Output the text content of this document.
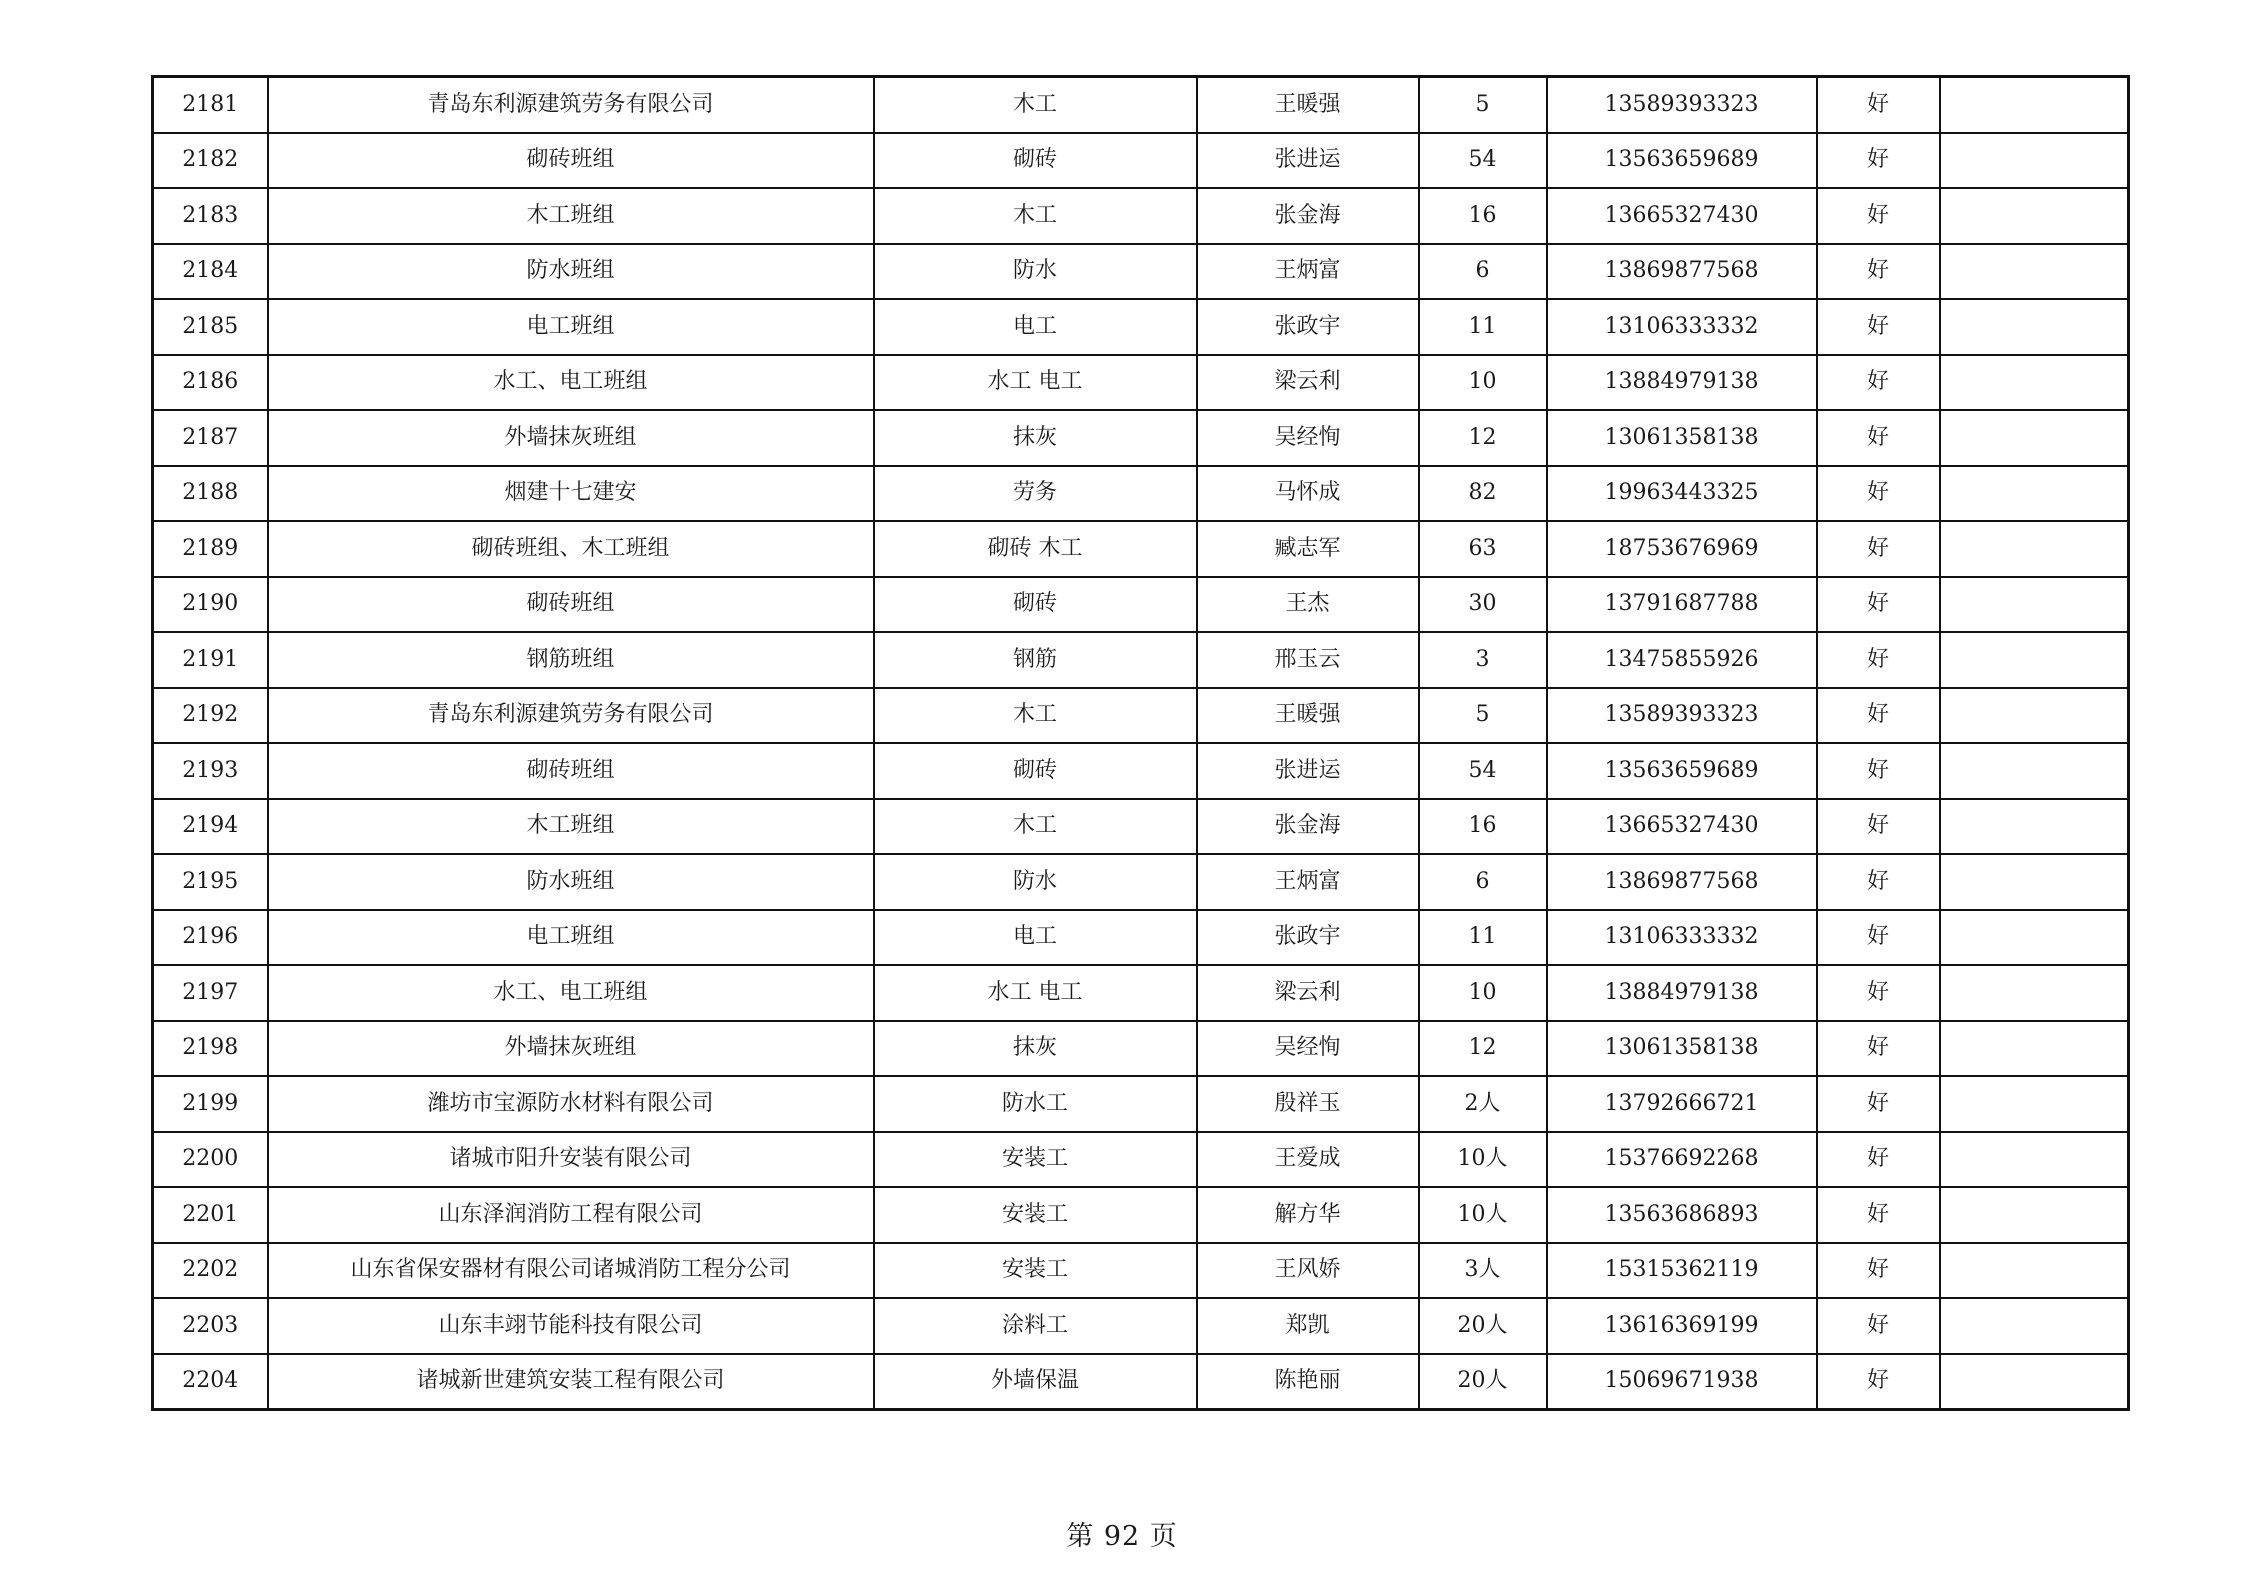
2181	青岛东利源建筑劳务有限公司	木工	王暖强	5	13589393323	好	
2182	砌砖班组	砌砖	张进运	54	13563659689	好	
2183	木工班组	木工	张金海	16	13665327430	好	
2184	防水班组	防水	王炳富	6	13869877568	好	
2185	电工班组	电工	张政宇	11	13106333332	好	
2186	水工、电工班组	水工 电工	梁云利	10	13884979138	好	
2187	外墙抹灰班组	抹灰	吴经恂	12	13061358138	好	
2188	烟建十七建安	劳务	马怀成	82	19963443325	好	
2189	砌砖班组、木工班组	砌砖 木工	臧志军	63	18753676969	好	
2190	砌砖班组	砌砖	王杰	30	13791687788	好	
2191	钢筋班组	钢筋	邢玉云	3	13475855926	好	
2192	青岛东利源建筑劳务有限公司	木工	王暖强	5	13589393323	好	
2193	砌砖班组	砌砖	张进运	54	13563659689	好	
2194	木工班组	木工	张金海	16	13665327430	好	
2195	防水班组	防水	王炳富	6	13869877568	好	
2196	电工班组	电工	张政宇	11	13106333332	好	
2197	水工、电工班组	水工 电工	梁云利	10	13884979138	好	
2198	外墙抹灰班组	抹灰	吴经恂	12	13061358138	好	
2199	潍坊市宝源防水材料有限公司	防水工	殷祥玉	2人	13792666721	好	
2200	诸城市阳升安装有限公司	安装工	王爱成	10人	15376692268	好	
2201	山东泽润消防工程有限公司	安装工	解方华	10人	13563686893	好	
2202	山东省保安器材有限公司诸城消防工程分公司	安装工	王风娇	3人	15315362119	好	
2203	山东丰翊节能科技有限公司	涂料工	郑凯	20人	13616369199	好	
2204	诸城新世建筑安装工程有限公司	外墙保温	陈艳丽	20人	15069671938	好	
第 92 页
